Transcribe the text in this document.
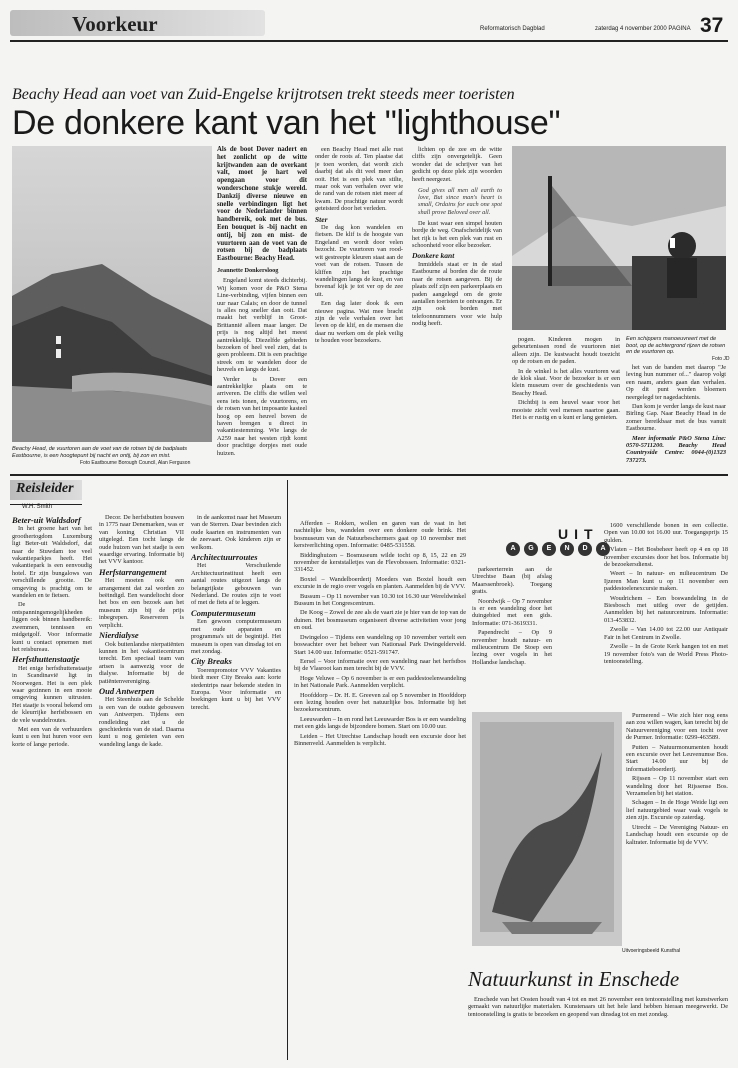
Voorkeur	Reformatorisch Dagblad	zaterdag 4 november 2000 PAGINA 37
Beachy Head aan voet van Zuid-Engelse krijtrotsen trekt steeds meer toeristen
De donkere kant van het "lighthouse"
Beachy Head, de vuurtoren aan de voet van de rotsen bij de badplaats Eastbourne, is een hoogtepunt bij nacht en ontij, bij zon en mist.
Foto Eastbourne Borough Council, Alan Ferguson
Als de boot Dover nadert en het zonlicht op de witte krijtwanden aan de overkant valt, moet je hart wel opengaan voor dit wonderschone stukje wereld. Dankzij diverse nieuwe en snelle verbindingen ligt het voor de Nederlander binnen handbereik, ook met de bus. Een bouquet is -bij nacht en ontij, bij zon en mist- de vuurtoren aan de voet van de rotsen bij de badplaats Eastbourne: Beachy Head.
Jeannette Donkersloog

Engeland komt steeds dichterbij. Wij komen voor de P&O Stena Line-verbinding, vijfen binnen een uur naar Calais; en door de tunnel is alles nog sneller dan ooit. Dat maakt het verblijf in Groot-Brittannië alleen maar langer. De prijs is nog altijd het meest aantrekkelijk. Diezelfde gebieden bezoeken of heel veel zien, dat is geen probleem. Dit is een prachtige streek om te wandelen door de heuvels en langs de kust.

Verder is Dover een aantrekkelijke plaats om te arriveren. De cliffs die willen wel eens iets tonen, de vuurtorens, en de rotsen van het imposante kasteel hoog op een heuvel boven de haven brengen u direct in vakantiestemming. Wie langs de A259 naar het westen rijdt komt door prachtige dorpjes met oude huizen.

een Beachy Head met alle rust onder de roots af. Ten plaatse dat je toen worden, dat wordt zich daarbij dat als dit veel meer dan ooit. Het is een plek van stilte, maar ook van verhalen over wie de rand van de rotsen niet meer af kwam. De prachtige natuur wordt geteisterd door het verleden.

Ster

De dag kon wandelen en fietsen. De klif is de hoogste van Engeland en wordt door velen bezocht. De vuurtoren van rood-wit gestreepte kleuren staat aan de voet van de rotsen. Tussen de kliffen zijn het prachtige wandelingen langs de kust, en van bovenaf kijk je tot ver op de zee uit.

Een dag later dook ik een nieuwe pagina. Wat mee bracht zijn de vele verhalen over het leven op de klif, en de mensen die daar nu werken om de plek veilig te houden voor bezoekers.

lichten op de zee en de witte cliffs zijn onvergetelijk. Geen wonder dat de schrijver van het gedicht op deze plek zijn woorden heeft neergezet.

God gives all men all earth to love, But since man's heart is small, Ordains for each one spot shall prove Beloved over all.

De kust waar een simpel houten bordje de weg. Onafscheidelijk van het rijk is het een plek van rust en schoonheid voor elke bezoeker.

Donkere kant

Inmiddels staat er in de stad Eastbourne al borden die de route naar de rotsen aangeven. Bij de plaats zelf zijn een parkeerplaats en paden aangelegd om de grote aantallen toeristen te ontvangen. Er zijn ook borden met telefoonnummers voor wie hulp nodig heeft.

Een schippers manoeuvreert met de boot, op de achtergrond rijzen de rotsen en de vuurtoren op.
Foto JD

pogen. Kinderen mogen in gebeurtenissen rond de vuurtoren niet alleen zijn. De kustwacht houdt toezicht op de rotsen en de paden.

In de winkel is het alles vuurtoren wat de klok slaat. Voor de bezoeker is er een klein museum over de geschiedenis van Beachy Head.

Dichtbij is een heuvel waar voor het mooiste zicht veel mensen naartoe gaan. Het is er rustig en u kunt er lang genieten.

het van de banden met daarop "Je leving hun nummer of..." daarop volgt een naam, anders gaan dan verhalen. Op dit punt werden bloemen neergelegd ter nagedachtenis.

Dan kom je verder langs de kust naar Birling Gap. Naar Beachy Head in de zomer bereikbaar met de bus vanuit Eastbourne.

Meer informatie P&O Stena Line: 0570-5711200. Beachy Head Countryside Centre: 0044-(0)1323 737273.

Reisleider
W.H. Smith
Beter-uit Waldsdorf

In het groene hart van het groothertogdom Luxemburg ligt Beter-uit Waldsdorf, dat naar de Stuwdam toe veel vakantieparkjes heeft. Het vakantiepark is een eenvoudig hotel. Er zijn bungalows van verschillende grootte. De omgeving is prachtig om te wandelen en te fietsen.

De ontspanningsmogelijkheden liggen ook binnen handbereik: zwemmen, tennissen en midgetgolf. Voor informatie kunt u contact opnemen met het reisbureau.

Herfsthuttenstaatje

Het enige herfsthuttenstaatje in Scandinavië ligt in Noorwegen. Het is een plek waar gezinnen in een mooie omgeving kunnen uitrusten. Het staatje is vooral bekend om de kleurrijke herfstbossen en de vele wandelroutes.

Met een van de verhuurders kunt u een hut huren voor een korte of lange periode.

Decor. De herfstbutten bouwen in 1775 naar Denemarken, was er van koning Christian VII uitgelegd. Een tocht langs de oude huizen van het stadje is een waardige ervaring. Informatie bij het VVV kantoor.

Herfstarrangement

Het moeten ook een arrangement dat zal worden zo beëindigd. Een wandeltocht door het bos en een bezoek aan het museum zijn bij de prijs inbegrepen. Reserveren is verplicht.

Nierdialyse

Ook buitenlandse nierpatiënten kunnen in het vakantiecentrum terecht. Een speciaal team van artsen is aanwezig voor de dialyse. Informatie bij de patiëntenvereniging.

Oud Antwerpen

Het Steenhuis aan de Schelde is een van de oudste gebouwen van Antwerpen. Tijdens een rondleiding ziet u de geschiedenis van de stad. Daarna kunt u nog genieten van een wandeling langs de kade.

in de aankomst naar het Museum van de Sterren. Daar bevinden zich oude kaarten en instrumenten van de zeevaart. Ook kinderen zijn er welkom.

Architectuurroutes

Het Verschuilende Architectuurinstituut heeft een aantal routes uitgezet langs de belangrijkste gebouwen van Nederland. De routes zijn te voet of met de fiets af te leggen.

Computermuseum

Een gewoon computermuseum met oude apparaten en programma's uit de begintijd. Het museum is open van dinsdag tot en met zondag.

City Breaks

Toerenpromotor VVV Vakanties biedt meer City Breaks aan: korte stedentrips naar bekende steden in Europa. Voor informatie en boekingen kunt u bij het VVV terecht.

UIT
A	G	E	N	D	A

Afferden – Rokken, wollen en garen van de vaat in het nachtelijke bos, wandelen over een donkere oude brink. Het bosmuseum van de Natuurbeschermers gaat op 10 november met kerstverlichting open. Informatie: 0485-531558.

Biddinghuizen – Bosmuseum wilde tocht op 8, 15, 22 en 29 november de kerststalletjes van de Flevobossen. Informatie: 0321-331452.

Boxtel – Wandelboerderij Moeders van Boxtel houdt een excursie in de regio over vogels en planten. Aanmelden bij de VVV.

Bussum – Op 11 november van 10.30 tot 16.30 uur Wereldwinkel Bussum in het Congrescentrum.

De Koog – Zowel de zee als de vaart zie je hier van de top van de duinen. Het bosmuseum organiseert diverse activiteiten voor jong en oud.

Dwingeloo – Tijdens een wandeling op 10 november vertelt een boswachter over het beheer van Nationaal Park Dwingelderveld. Start 14.00 uur. Informatie: 0521-591747.

Eersel – Voor informatie over een wandeling naar het herfstbos bij de Vlasroot kan men terecht bij de VVV.

Hoge Veluwe – Op 6 november is er een paddestoelenwandeling in het Nationale Park. Aanmelden verplicht.

Hoofddorp – Dr. H. E. Greeven zal op 5 november in Hoofddorp een lezing houden over het natuurlijke bos. Informatie bij het bezoekerscentrum.

Leeuwarden – In en rond het Leeuwarder Bos is er een wandeling met een gids langs de bijzondere bomen. Start om 10.00 uur.

Leiden – Het Utrechtse Landschap houdt een excursie door het Binnenveld. Aanmelden is verplicht.

parkeerterrein aan de Utrechtse Baan (bij afslag Maarssenbroek). Toegang gratis.

Noordwijk – Op 7 november is er een wandeling door het duingebied met een gids. Informatie: 071-3619331.

Papendrecht – Op 9 november houdt natuur- en milieucentrum De Stoep een lezing over vogels in het Hollandse landschap.

1600 verschillende bonen in een collectie. Open van 10.00 tot 16.00 uur. Toegangsprijs 15 gulden.

Vlaten – Het Bosbeheer heeft op 4 en op 18 november excursies door het bos. Informatie bij de bezoekersdienst.

Weert – In natuur- en milieucentrum De Ijzeren Man kunt u op 11 november een paddestoelenexcursie maken.

Woudrichem – Een boswandeling in de Biesbosch met uitleg over de getijden. Aanmelden bij het natuurcentrum. Informatie: 013-453832.

Zwolle – Van 14.00 tot 22.00 uur Antiquair Fair in het Centrum in Zwolle.

Zwolle – In de Grote Kerk hangen tot en met 19 november foto's van de World Press Photo-tentoonstelling.

Uitvoeringsbeeld Kunsthal

Purmerend – Wie zich hier nog eens aan zou willen wagen, kan terecht bij de Natuurvereniging voor een tocht over de Purmer. Informatie: 0299-463589.

Putten – Natuurmonumenten houdt een excursie over het Leuvenumse Bos. Start 14.00 uur bij de informatieboerderij.

Rijssen – Op 11 november start een wandeling door het Rijssense Bos. Verzamelen bij het station.

Schagen – In de Hoge Weide ligt een lief natuurgebied waar vaak vogels te zien zijn. Excursie op zaterdag.

Utrecht – De Vereniging Natuur- en Landschap houdt een excursie op de kaltrater. Informatie bij de VVV.

Natuurkunst in Enschede

Enschede van het Oosten houdt van 4 tot en met 26 november een tentoonstelling met kunstwerken gemaakt van natuurlijke materialen. Kunstenaars uit het hele land hebben hieraan meegewerkt. De tentoonstelling is gratis te bezoeken en geopend van dinsdag tot en met zondag.
